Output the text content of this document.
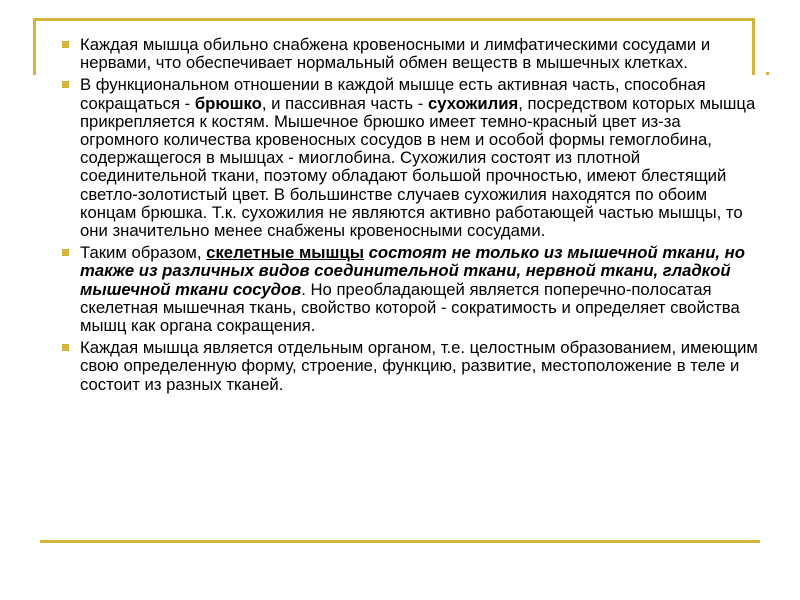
Каждая мышца обильно снабжена кровеносными и лимфатическими сосудами и нервами, что обеспечивает нормальный обмен веществ в мышечных клетках.
В функциональном отношении в каждой мышце есть активная часть, способная сокращаться - брюшко, и пассивная часть - сухожилия, посредством которых мышца прикрепляется к костям. Мышечное брюшко имеет темно-красный цвет из-за огромного количества кровеносных сосудов в нем и особой формы гемоглобина, содержащегося в мышцах - миоглобина. Сухожилия состоят из плотной соединительной ткани, поэтому обладают большой прочностью, имеют блестящий светло-золотистый цвет. В большинстве случаев сухожилия находятся по обоим концам брюшка. Т.к. сухожилия не являются активно работающей частью мышцы, то они значительно менее снабжены кровеносными сосудами.
Таким образом, скелетные мышцы состоят не только из мышечной ткани, но также из различных видов соединительной ткани, нервной ткани, гладкой мышечной ткани сосудов. Но преобладающей является поперечно-полосатая скелетная мышечная ткань, свойство которой - сократимость и определяет свойства мышц как органа сокращения.
Каждая мышца является отдельным органом, т.е. целостным образованием, имеющим свою определенную форму, строение, функцию, развитие, местоположение в теле и состоит из разных тканей.
